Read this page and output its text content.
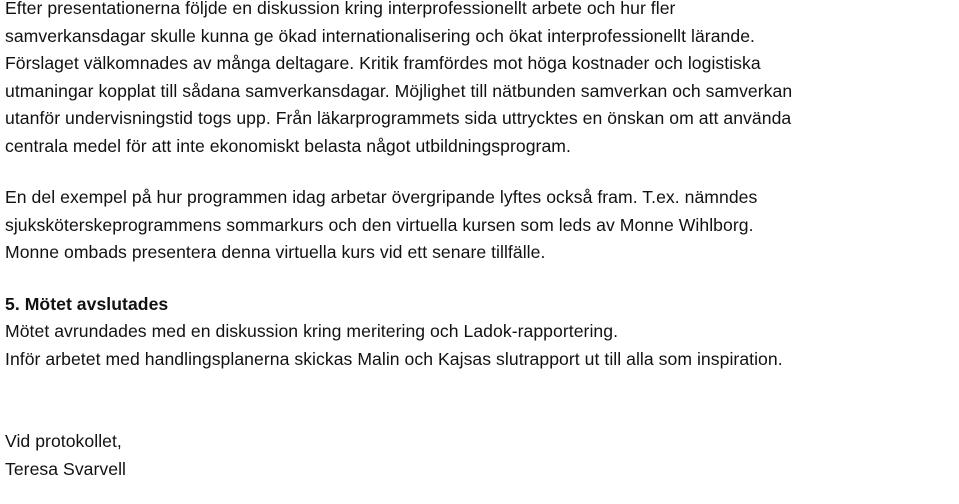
Efter presentationerna följde en diskussion kring interprofessionellt arbete och hur fler
samverkansdagar skulle kunna ge ökad internationalisering och ökat interprofessionellt lärande.
Förslaget välkomnades av många deltagare. Kritik framfördes mot höga kostnader och logistiska
utmaningar kopplat till sådana samverkansdagar. Möjlighet till nätbunden samverkan och samverkan
utanför undervisningstid togs upp. Från läkarprogrammets sida uttrycktes en önskan om att använda
centrala medel för att inte ekonomiskt belasta något utbildningsprogram.
En del exempel på hur programmen idag arbetar övergripande lyftes också fram. T.ex. nämndes
sjuksköterskeprogrammens sommarkurs och den virtuella kursen som leds av Monne Wihlborg.
Monne ombads presentera denna virtuella kurs vid ett senare tillfälle.
5. Mötet avslutades
Mötet avrundades med en diskussion kring meritering och Ladok-rapportering.
Inför arbetet med handlingsplanerna skickas Malin och Kajsas slutrapport ut till alla som inspiration.
Vid protokollet,
Teresa Svarvell
